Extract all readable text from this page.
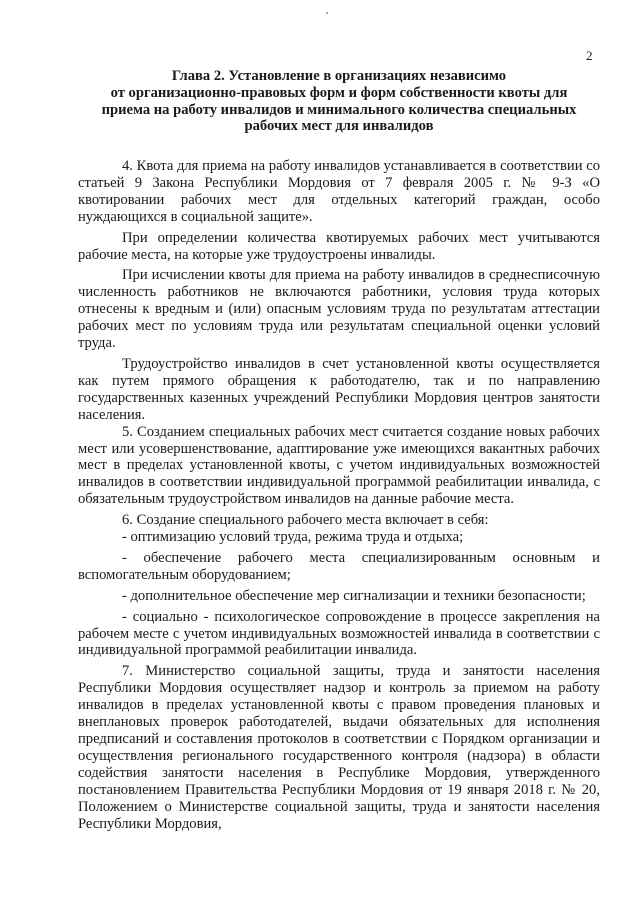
2
Глава 2. Установление в организациях независимо
от организационно-правовых форм и форм собственности квоты для
приема на работу инвалидов и минимального количества специальных
рабочих мест для инвалидов

4. Квота для приема на работу инвалидов устанавливается в соответствии со статьей 9 Закона Республики Мордовия от 7 февраля 2005 г. № 9-З «О квотировании рабочих мест для отдельных категорий граждан, особо нуждающихся в социальной защите».

При определении количества квотируемых рабочих мест учитываются рабочие места, на которые уже трудоустроены инвалиды.

При исчислении квоты для приема на работу инвалидов в среднесписочную численность работников не включаются работники, условия труда которых отнесены к вредным и (или) опасным условиям труда по результатам аттестации рабочих мест по условиям труда или результатам специальной оценки условий труда.

Трудоустройство инвалидов в счет установленной квоты осуществляется как путем прямого обращения к работодателю, так и по направлению государственных казенных учреждений Республики Мордовия центров занятости населения.

5. Созданием специальных рабочих мест считается создание новых рабочих мест или усовершенствование, адаптирование уже имеющихся вакантных рабочих мест в пределах установленной квоты, с учетом индивидуальных возможностей инвалидов в соответствии индивидуальной программой реабилитации инвалида, с обязательным трудоустройством инвалидов на данные рабочие места.

6. Создание специального рабочего места включает в себя:

- оптимизацию условий труда, режима труда и отдыха;

- обеспечение рабочего места специализированным основным и вспомогательным оборудованием;

- дополнительное обеспечение мер сигнализации и техники безопасности;

- социально - психологическое сопровождение в процессе закрепления на рабочем месте с учетом индивидуальных возможностей инвалида в соответствии с индивидуальной программой реабилитации инвалида.

7. Министерство социальной защиты, труда и занятости населения Республики Мордовия осуществляет надзор и контроль за приемом на работу инвалидов в пределах установленной квоты с правом проведения плановых и внеплановых проверок работодателей, выдачи обязательных для исполнения предписаний и составления протоколов в соответствии с Порядком организации и осуществления регионального государственного контроля (надзора) в области содействия занятости населения в Республике Мордовия, утвержденного постановлением Правительства Республики Мордовия от 19 января 2018 г. № 20, Положением о Министерстве социальной защиты, труда и занятости населения Республики Мордовия,
